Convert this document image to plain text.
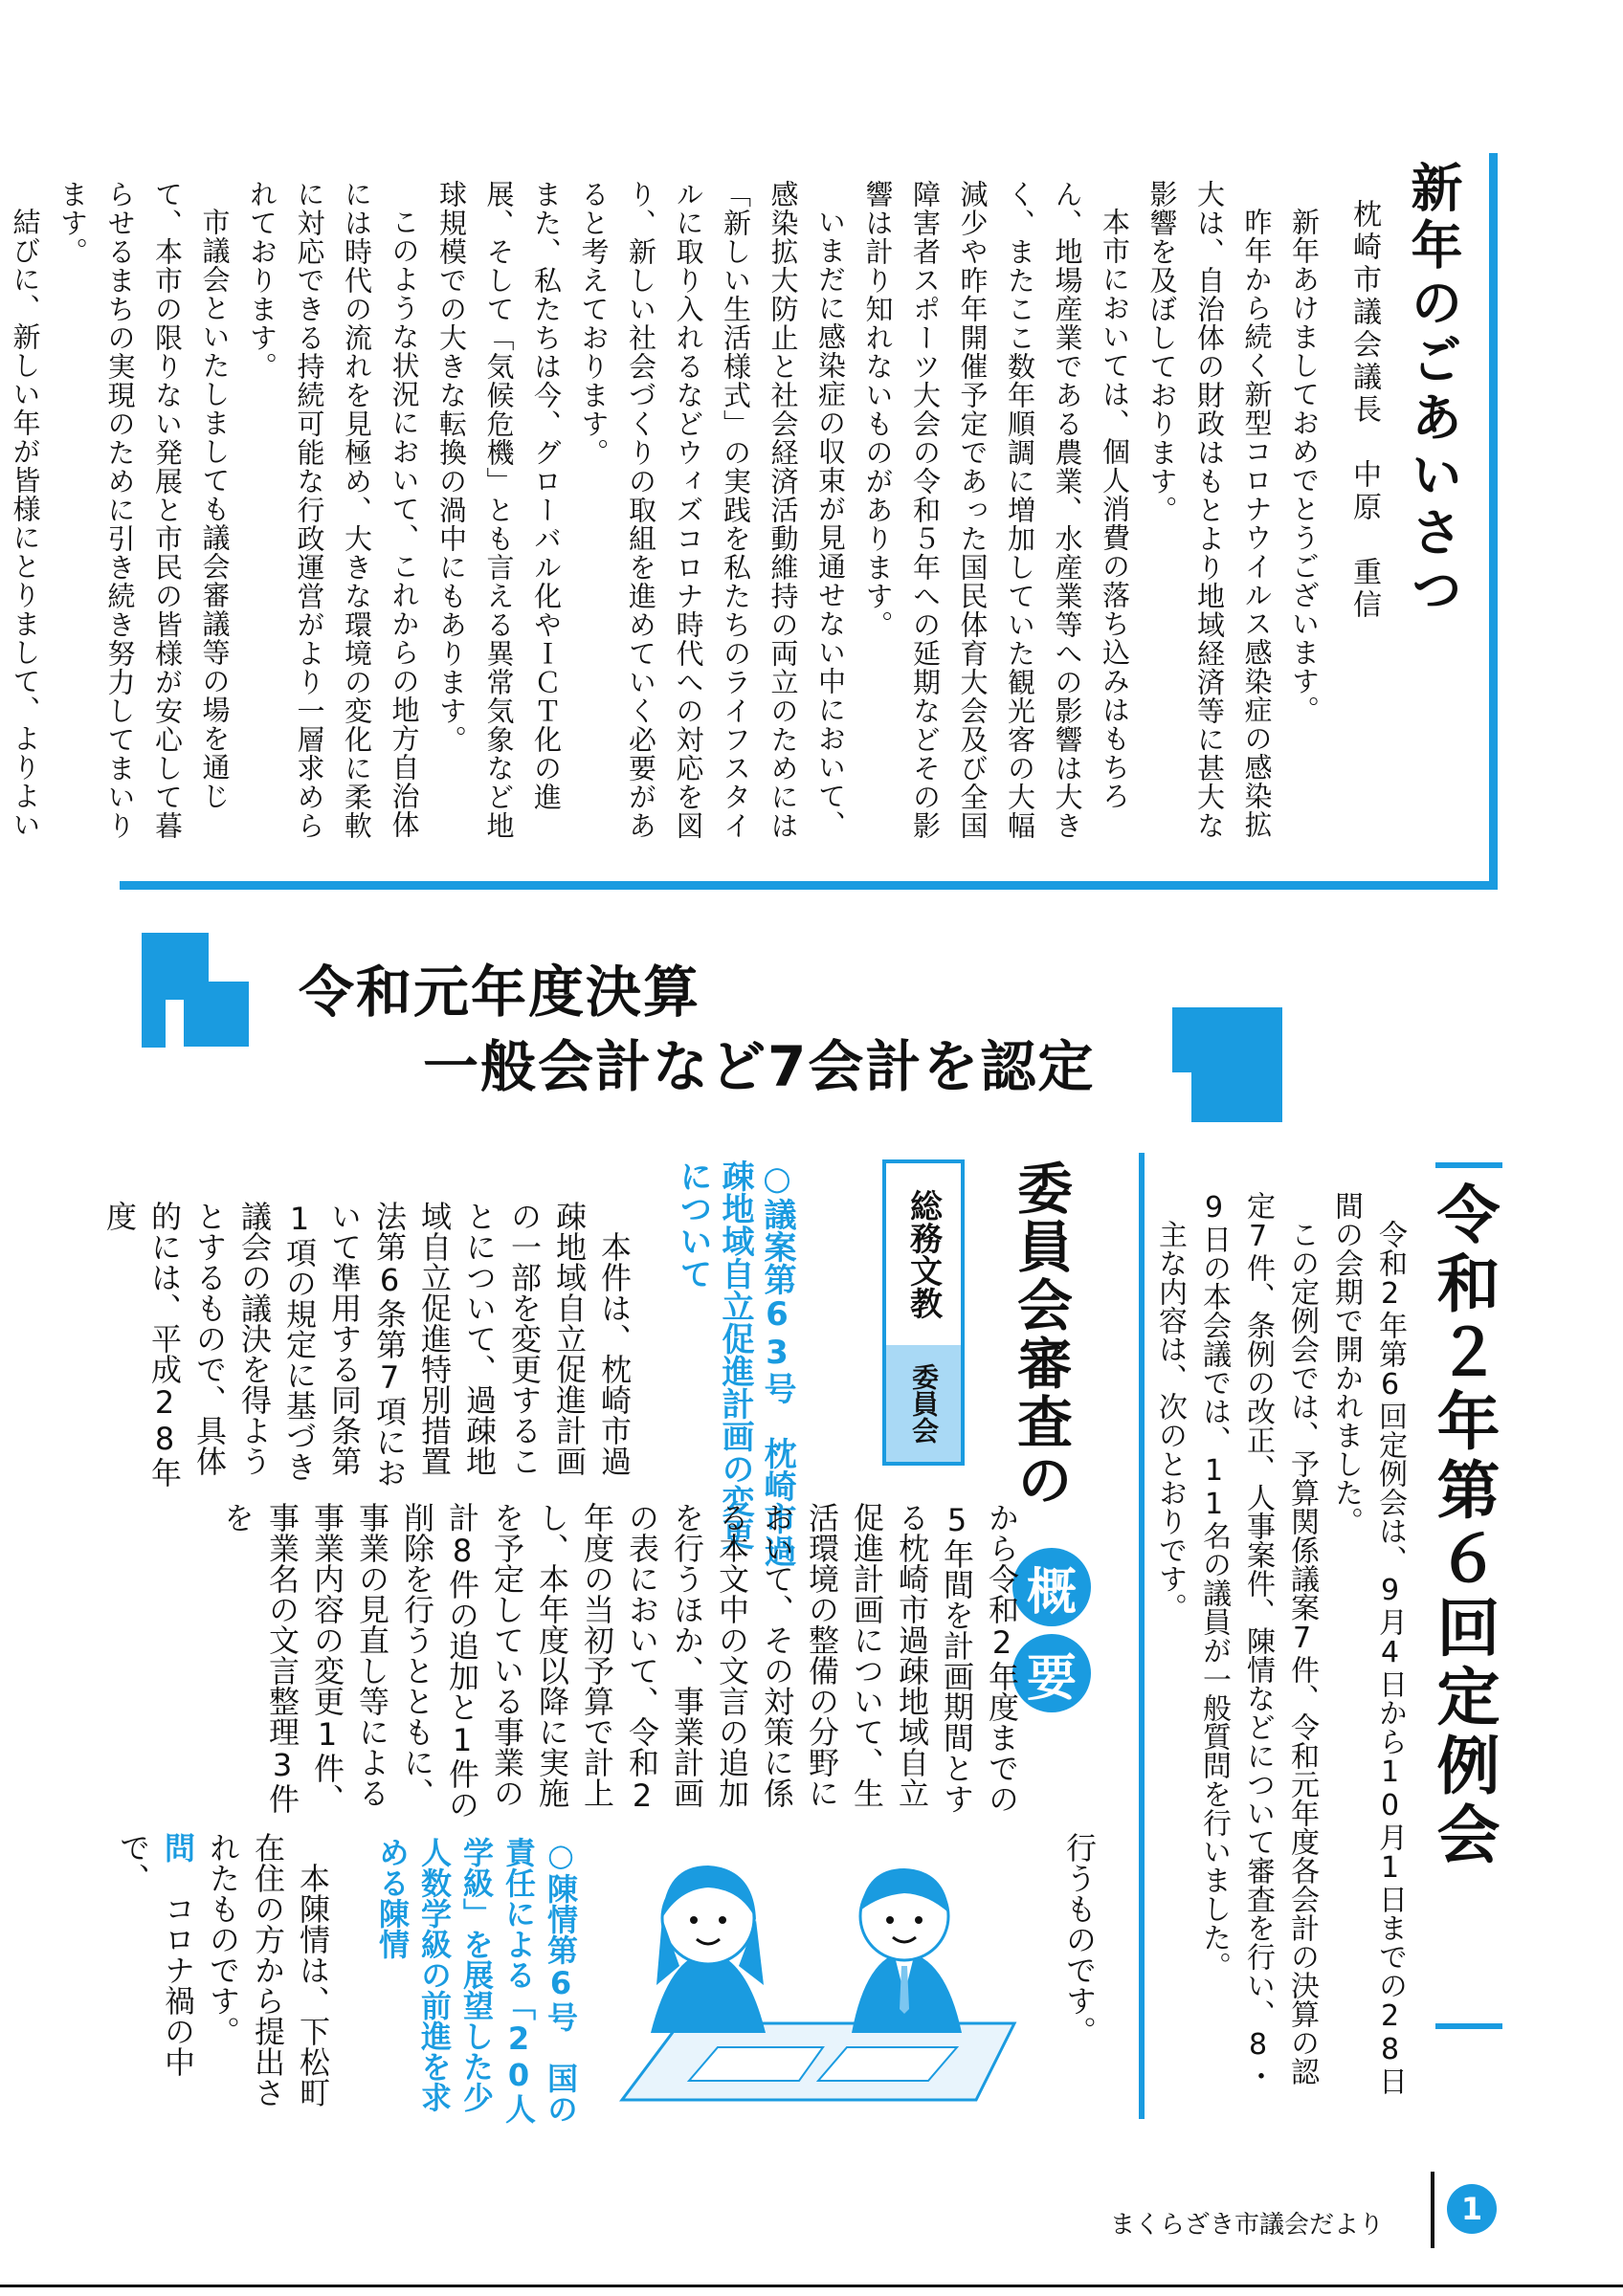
新年のごあいさつ
枕崎市議会議長　中原　重信
新年あけましておめでとうございます。
昨年から続く新型コロナウイルス感染症の感染拡大は、自治体の財政はもとより地域経済等に甚大な影響を及ぼしております。
本市においては、個人消費の落ち込みはもちろん、地場産業である農業、水産業等への影響は大きく、またここ数年順調に増加していた観光客の大幅減少や昨年開催予定であった国民体育大会及び全国障害者スポーツ大会の令和５年への延期などその影響は計り知れないものがあります。
いまだに感染症の収束が見通せない中において、感染拡大防止と社会経済活動維持の両立のためには「新しい生活様式」の実践を私たちのライフスタイルに取り入れるなどウィズコロナ時代への対応を図り、新しい社会づくりの取組を進めていく必要があると考えております。
また、私たちは今、グローバル化やＩＣＴ化の進展、そして「気候危機」とも言える異常気象など地球規模での大きな転換の渦中にもあります。
このような状況において、これからの地方自治体には時代の流れを見極め、大きな環境の変化に柔軟に対応できる持続可能な行政運営がより一層求められております。
市議会といたしましても議会審議等の場を通じて、本市の限りない発展と市民の皆様が安心して暮らせるまちの実現のために引き続き努力してまいります。
結びに、新しい年が皆様にとりまして、よりよい
令和元年度決算
一般会計など7会計を認定
令和２年第６回定例会
令和2年第6回定例会は、9月4日から10月1日までの28日間の会期で開かれました。
この定例会では、予算関係議案7件、令和元年度各会計の決算の認定7件、条例の改正、人事案件、陳情などについて審査を行い、8・9日の本会議では、11名の議員が一般質問を行いました。
主な内容は、次のとおりです。
委員会審査の
概
要
総務文教
委員会
○議案第63号　枕崎市過疎地域自立促進計画の変更について
本件は、枕崎市過疎地域自立促進計画の一部を変更することについて、過疎地域自立促進特別措置法第6条第7項において準用する同条第1項の規定に基づき議会の議決を得ようとするもので、具体的には、平成28年度
から令和2年度までの5年間を計画期間とする枕崎市過疎地域自立促進計画について、生活環境の整備の分野において、その対策に係る本文中の文言の追加を行うほか、事業計画の表において、令和2年度の当初予算で計上し、本年度以降に実施を予定している事業の計8件の追加と1件の削除を行うとともに、事業の見直し等による事業内容の変更1件、事業名の文言整理3件を
行うものです。
○陳情第6号　国の責任による「20人学級」を展望した少人数学級の前進を求める陳情
本陳情は、下松町在住の方から提出されたものです。
問　コロナ禍の中で、
まくらざき市議会だより	1
